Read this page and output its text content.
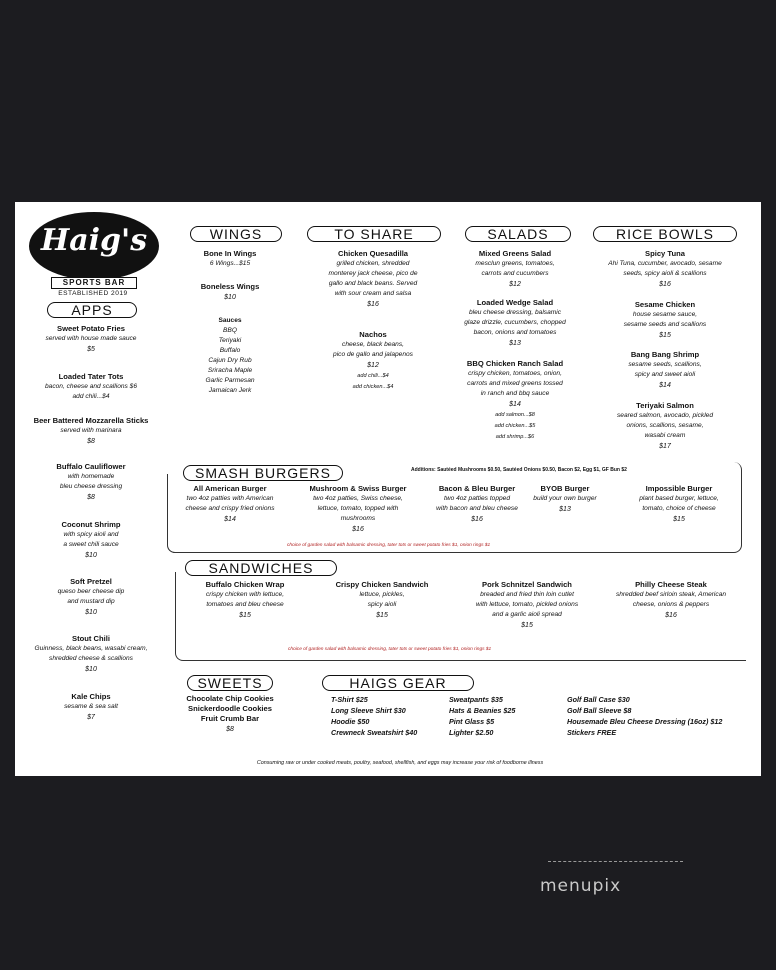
Haig's
SPORTS BAR
ESTABLISHED 2019
APPS
Sweet Potato Fries
served with house made sauce
$5
Loaded Tater Tots
bacon, cheese and scallions $6
add chili...$4
Beer Battered Mozzarella Sticks
served with marinara
$8
Buffalo Cauliflower
with homemade
bleu cheese dressing
$8
Coconut Shrimp
with spicy aioli and
a sweet chili sauce
$10
Soft Pretzel
queso beer cheese dip
and mustard dip
$10
Stout Chili
Guinness, black beans, wasabi cream,
shredded cheese & scallions
$10
Kale Chips
sesame & sea salt
$7
WINGS
Bone In Wings
6 Wings...$15
Boneless Wings
$10
Sauces
BBQ
Teriyaki
Buffalo
Cajun Dry Rub
Sriracha Maple
Garlic Parmesan
Jamaican Jerk
TO SHARE
Chicken Quesadilla
grilled chicken, shredded
monterey jack cheese, pico de
gallo and black beans. Served
with sour cream and salsa
$16
Nachos
cheese, black beans,
pico de gallo and jalapenos
$12
add chili...$4
add chicken...$4
SALADS
Mixed Greens Salad
mesclun greens, tomatoes,
carrots and cucumbers
$12
Loaded Wedge Salad
bleu cheese dressing, balsamic
glaze drizzle, cucumbers, chopped
bacon, onions and tomatoes
$13
BBQ Chicken Ranch Salad
crispy chicken, tomatoes, onion,
carrots and mixed greens tossed
in ranch and bbq sauce
$14
add salmon...$8
add chicken...$5
add shrimp...$6
RICE BOWLS
Spicy Tuna
Ahi Tuna, cucumber, avocado, sesame
seeds, spicy aioli & scallions
$16
Sesame Chicken
house sesame sauce,
sesame seeds and scallions
$15
Bang Bang Shrimp
sesame seeds, scallions,
spicy and sweet aioli
$14
Teriyaki Salmon
seared salmon, avocado, pickled
onions, scallions, sesame,
wasabi cream
$17
SMASH BURGERS	Additions: Sautéed Mushrooms $0.50, Sautéed Onions $0.50, Bacon $2, Egg $1, GF Bun $2
All American Burger
two 4oz patties with American
cheese and crispy fried onions
$14
Mushroom & Swiss Burger
two 4oz patties, Swiss cheese,
lettuce, tomato, topped with
mushrooms
$16
Bacon & Bleu Burger
two 4oz patties topped
with bacon and bleu cheese
$16
BYOB Burger
build your own burger
$13
Impossible Burger
plant based burger, lettuce,
tomato, choice of cheese
$15
choice of garden salad with balsamic dressing, tater tots or sweet potato fries $1, onion rings $1
SANDWICHES
Buffalo Chicken Wrap
crispy chicken with lettuce,
tomatoes and bleu cheese
$15
Crispy Chicken Sandwich
lettuce, pickles,
spicy aioli
$15
Pork Schnitzel Sandwich
breaded and fried thin loin cutlet
with lettuce, tomato, pickled onions
and a garlic aioli spread
$15
Philly Cheese Steak
shredded beef sirloin steak, American
cheese, onions & peppers
$16
choice of garden salad with balsamic dressing, tater tots or sweet potato fries $1, onion rings $1
SWEETS
Chocolate Chip Cookies
Snickerdoodle Cookies
Fruit Crumb Bar
$8
HAIGS GEAR
T-Shirt $25
Long Sleeve Shirt $30
Hoodie $50
Crewneck Sweatshirt $40
Sweatpants $35
Hats & Beanies $25
Pint Glass $5
Lighter $2.50
Golf Ball Case $30
Golf Ball Sleeve $8
Housemade Bleu Cheese Dressing (16oz) $12
Stickers FREE
Consuming raw or under cooked meats, poultry, seafood, shellfish, and eggs may increase your risk of foodborne illness
menupix
